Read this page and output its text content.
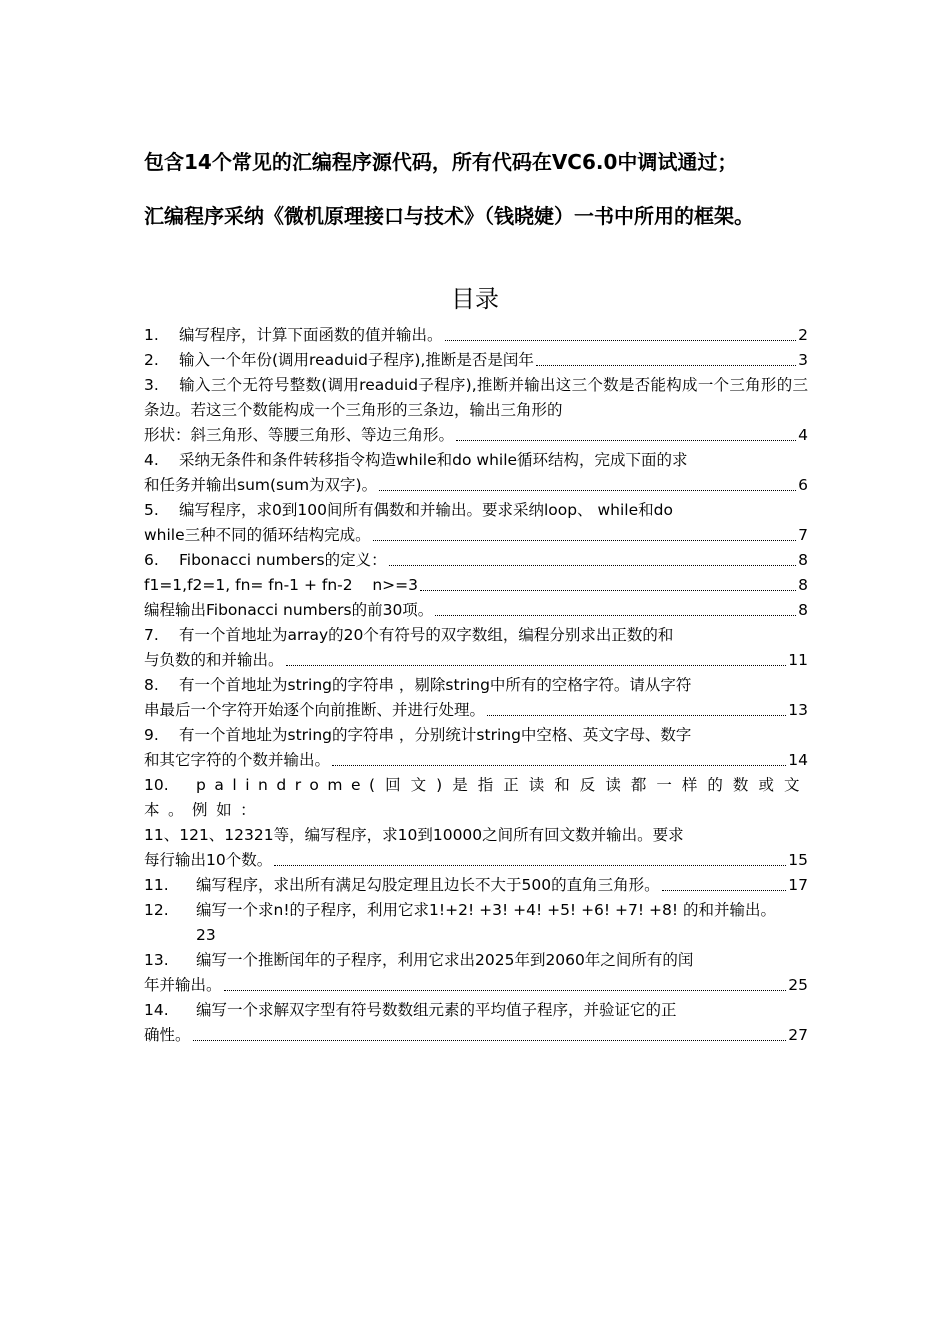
包含14个常见的汇编程序源代码，所有代码在VC6.0中调试通过；

汇编程序采纳《微机原理接口与技术》（钱晓婕）一书中所用的框架。

目录
1. 编写程序，计算下面函数的值并输出。	2
2. 输入一个年份(调用readuid子程序),推断是否是闰年	3
3. 输入三个无符号整数(调用readuid子程序),推断并输出这三个数是否能构成一个三角形的三条边。若这三个数能构成一个三角形的三条边，输出三角形的
形状：斜三角形、等腰三角形、等边三角形。	4
4. 采纳无条件和条件转移指令构造while和do while循环结构，完成下面的求
和任务并输出sum(sum为双字)。	6
5. 编写程序，求0到100间所有偶数和并输出。要求采纳loop、 while和do
while三种不同的循环结构完成。	7
6. Fibonacci numbers的定义：	8
f1=1,f2=1, fn= fn-1 + fn-2    n>=3	8
编程输出Fibonacci numbers的前30项。	8
7. 有一个首地址为array的20个有符号的双字数组，编程分别求出正数的和
与负数的和并输出。	11
8. 有一个首地址为string的字符串 ，剔除string中所有的空格字符。请从字符
串最后一个字符开始逐个向前推断、并进行处理。	13
9. 有一个首地址为string的字符串 ，分别统计string中空格、英文字母、数字
和其它字符的个数并输出。	14
10. palindrome(回文)是指正读和反读都一样的数或文本。例如：
11、121、12321等，编写程序，求10到10000之间所有回文数并输出。要求
每行输出10个数。	15
11. 编写程序，求出所有满足勾股定理且边长不大于500的直角三角形。	17
12. 编写一个求n!的子程序，利用它求1!+2! +3! +4! +5! +6! +7! +8! 的和并输出。
23
13. 编写一个推断闰年的子程序，利用它求出2025年到2060年之间所有的闰
年并输出。	25
14. 编写一个求解双字型有符号数数组元素的平均值子程序，并验证它的正
确性。	27
